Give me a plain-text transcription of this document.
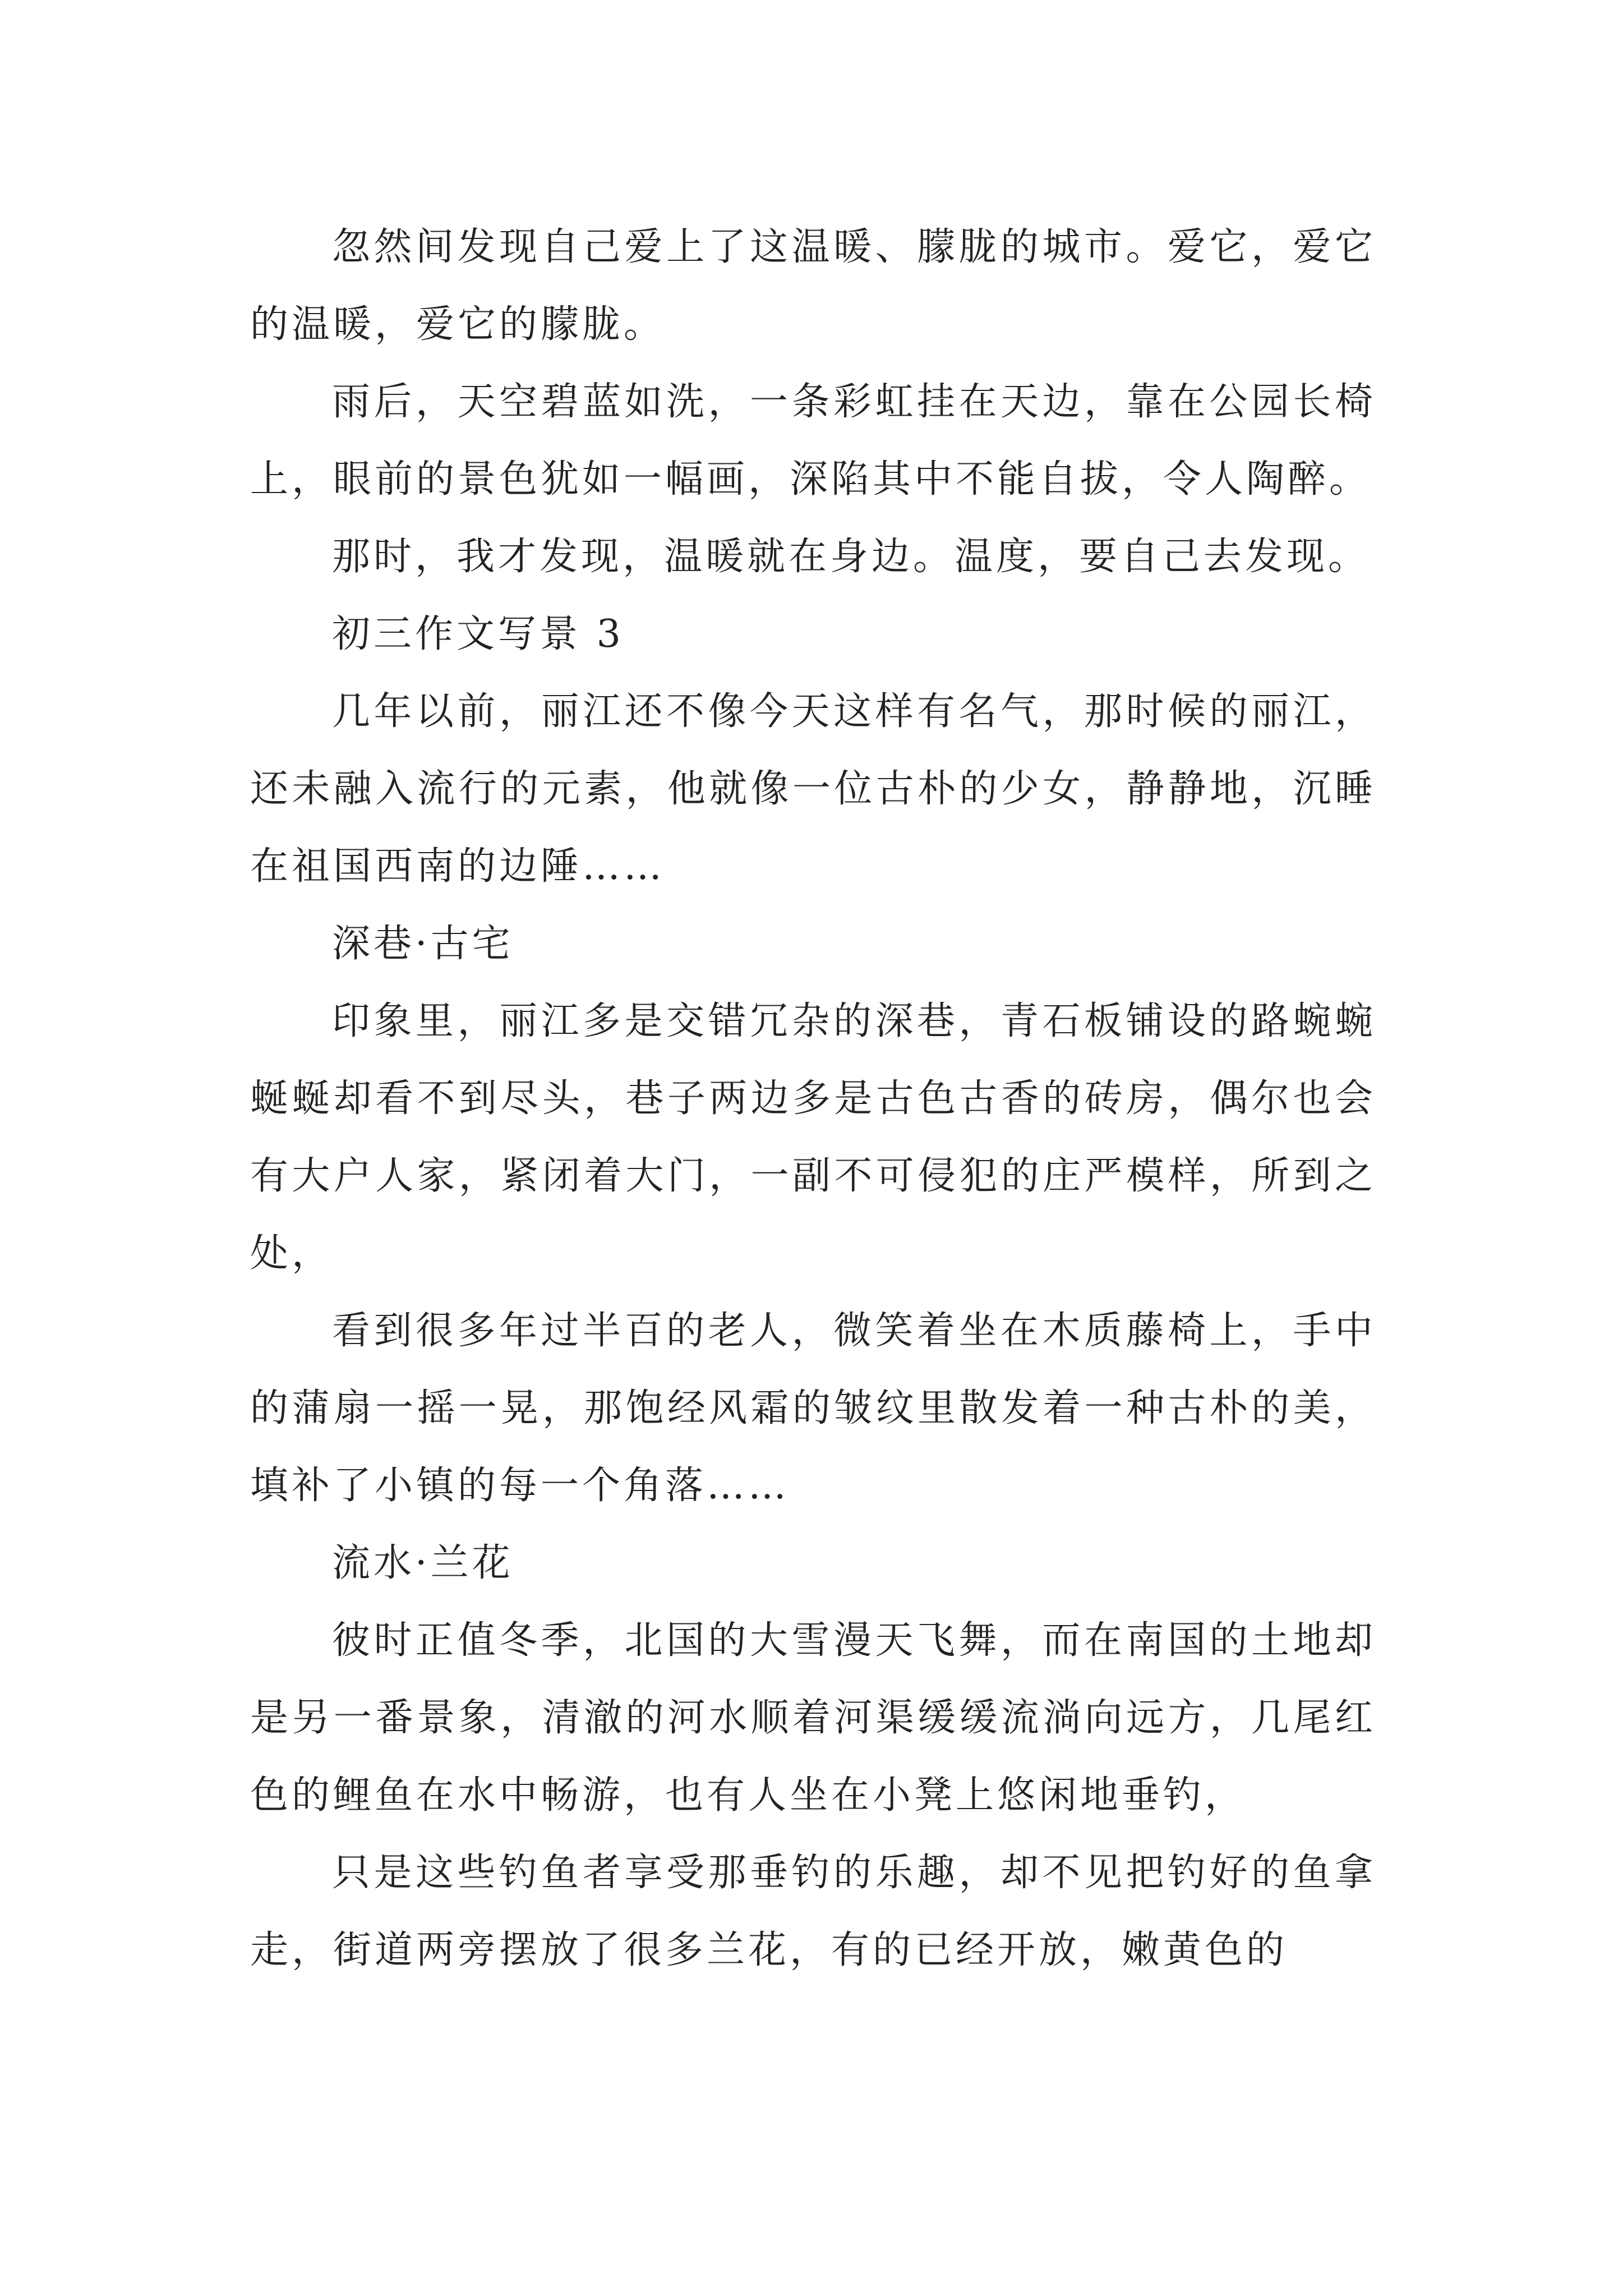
忽然间发现自己爱上了这温暖、朦胧的城市。爱它，爱它的温暖，爱它的朦胧。

雨后，天空碧蓝如洗，一条彩虹挂在天边，靠在公园长椅上，眼前的景色犹如一幅画，深陷其中不能自拔，令人陶醉。

那时，我才发现，温暖就在身边。温度，要自己去发现。

初三作文写景 3

几年以前，丽江还不像今天这样有名气，那时候的丽江，还未融入流行的元素，他就像一位古朴的少女，静静地，沉睡在祖国西南的边陲……

深巷·古宅

印象里，丽江多是交错冗杂的深巷，青石板铺设的路蜿蜿蜒蜒却看不到尽头，巷子两边多是古色古香的砖房，偶尔也会有大户人家，紧闭着大门，一副不可侵犯的庄严模样，所到之处，

看到很多年过半百的老人，微笑着坐在木质藤椅上，手中的蒲扇一摇一晃，那饱经风霜的皱纹里散发着一种古朴的美，填补了小镇的每一个角落……

流水·兰花

彼时正值冬季，北国的大雪漫天飞舞，而在南国的土地却是另一番景象，清澈的河水顺着河渠缓缓流淌向远方，几尾红色的鲤鱼在水中畅游，也有人坐在小凳上悠闲地垂钓，

只是这些钓鱼者享受那垂钓的乐趣，却不见把钓好的鱼拿走，街道两旁摆放了很多兰花，有的已经开放，嫩黄色的
